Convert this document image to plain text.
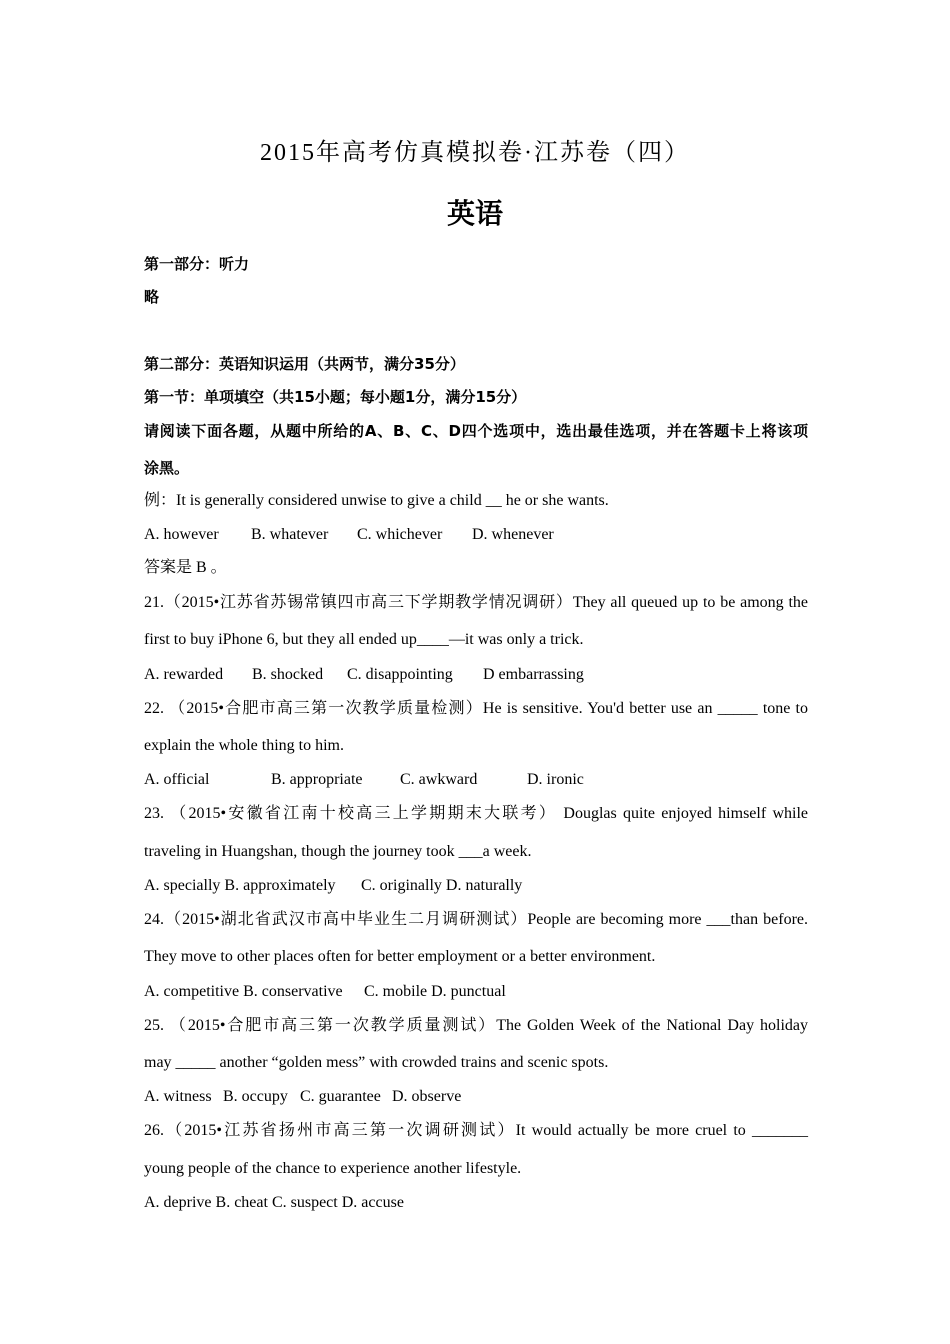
2015年高考仿真模拟卷·江苏卷（四）
英语
第一部分：听力
略
第二部分：英语知识运用（共两节，满分35分）
第一节：单项填空（共15小题；每小题1分，满分15分）
请阅读下面各题，从题中所给的A、B、C、D四个选项中，选出最佳选项，并在答题卡上将该项
涂黑。
例：It is generally considered unwise to give a child __ he or she wants.
A. however B. whatever C. whichever D. whenever
答案是 B 。
21.（2015•江苏省苏锡常镇四市高三下学期教学情况调研）They all queued up to be among the
first to buy iPhone 6, but they all ended up____—it was only a trick.
A. rewarded B. shocked C. disappointing D embarrassing
22. （2015•合肥市高三第一次教学质量检测）He is sensitive. You'd better use an _____ tone to
explain the whole thing to him.
A. official	B. appropriate C. awkward	D. ironic
23. （2015•安徽省江南十校高三上学期期末大联考） Douglas quite enjoyed himself while
traveling in Huangshan, though the journey took ___a week.
A. specially B. approximately C. originally D. naturally
24.（2015•湖北省武汉市高中毕业生二月调研测试）People are becoming more ___than before.
They move to other places often for better employment or a better environment.
A. competitive B. conservative C. mobile D. punctual
25. （2015•合肥市高三第一次教学质量测试）The Golden Week of the National Day holiday
may _____ another “golden mess” with crowded trains and scenic spots.
A. witness B. occupy C. guarantee D. observe
26.（2015•江苏省扬州市高三第一次调研测试）It would actually be more cruel to _______
young people of the chance to experience another lifestyle.
A. deprive B. cheat C. suspect D. accuse
